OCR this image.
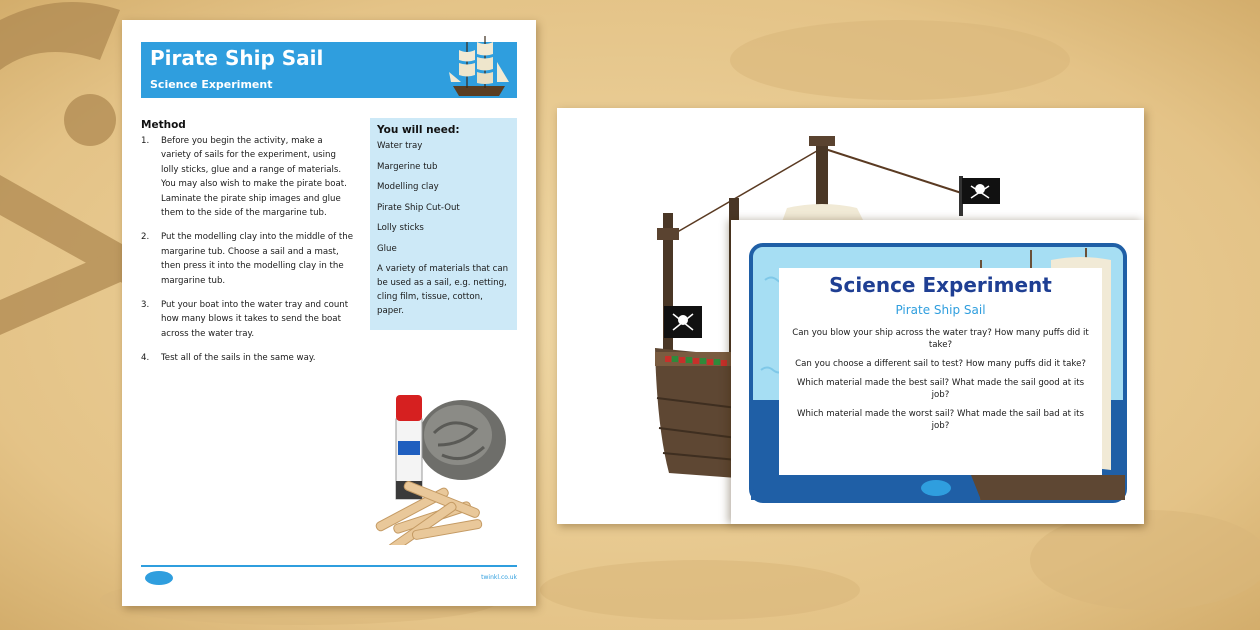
Pirate Ship Sail
Science Experiment
Method
1.	Before you begin the activity, make a variety of sails for the experiment, using lolly sticks, glue and a range of materials. You may also wish to make the pirate boat. Laminate the pirate ship images and glue them to the side of the margarine tub.
2.	Put the modelling clay into the middle of the margarine tub. Choose a sail and a mast, then press it into the modelling clay in the margarine tub.
3.	Put your boat into the water tray and count how many blows it takes to send the boat across the water tray.
4.	Test all of the sails in the same way.
You will need:
Water tray
Margerine tub
Modelling clay
Pirate Ship Cut-Out
Lolly sticks
Glue
A variety of materials that can be used as a sail, e.g. netting, cling film, tissue, cotton, paper.
twinkl.co.uk
Science Experiment
Pirate Ship Sail
Can you blow your ship across the water tray? How many puffs did it take?
Can you choose a different sail to test? How many puffs did it take?
Which material made the best sail? What made the sail good at its job?
Which material made the worst sail? What made the sail bad at its job?
